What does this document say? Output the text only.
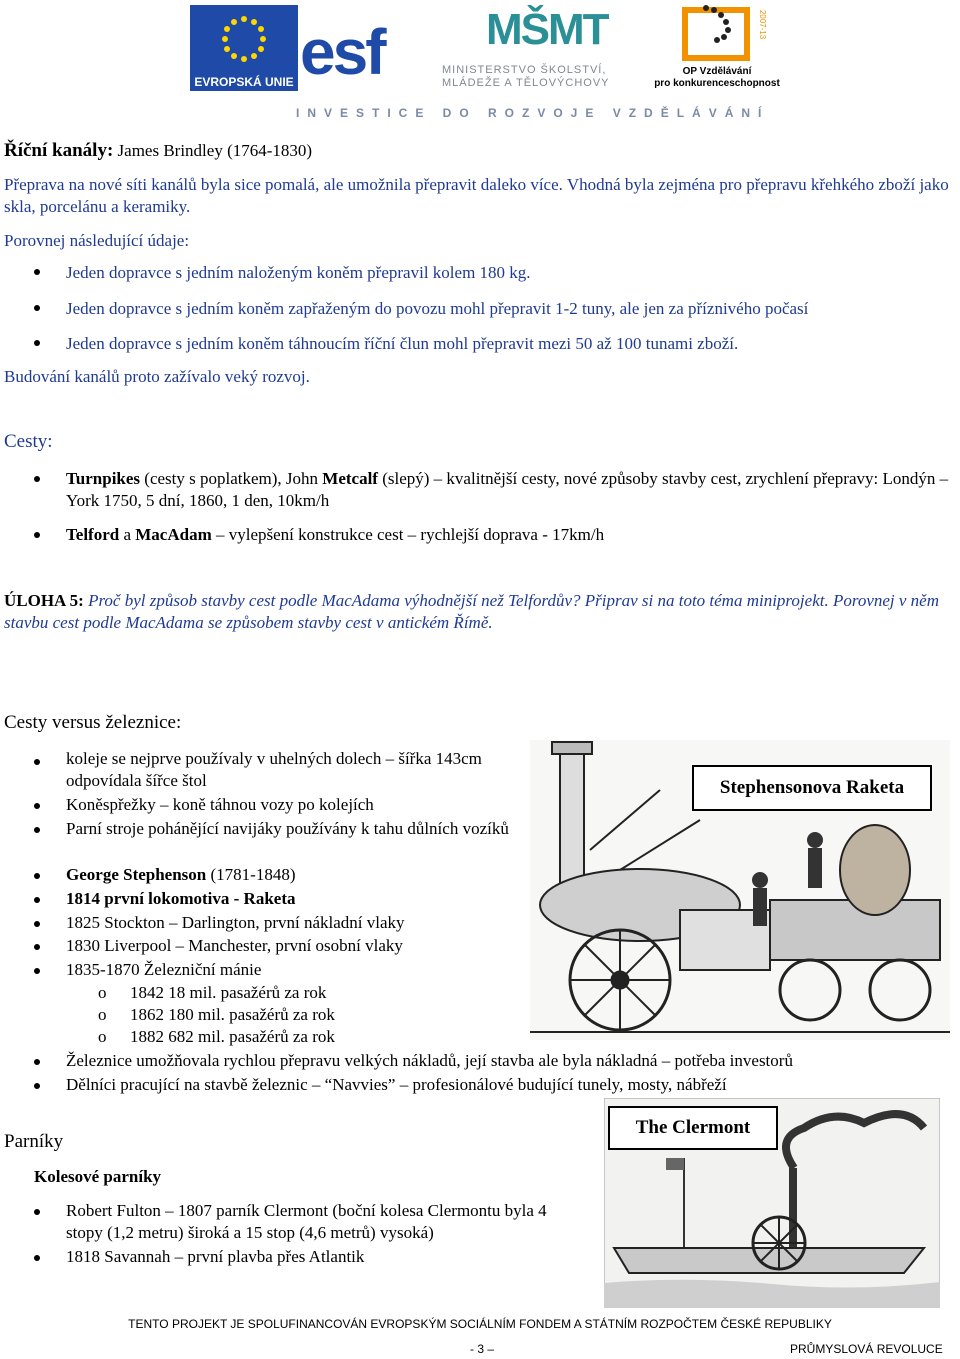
EVROPSKÁ UNIE esf	MŠMT
MINISTERSTVO ŠKOLSTVÍ,
MLÁDEŽE A TĚLOVÝCHOVY
2007-13
OP Vzdělávání
pro konkurenceschopnost
INVESTICE DO ROZVOJE VZDĚLÁVÁNÍ
Říční kanály: James Brindley (1764-1830)
Přeprava na nové síti kanálů byla sice pomalá, ale umožnila přepravit daleko více. Vhodná byla zejména pro přepravu křehkého zboží jako skla, porcelánu a keramiky.
Porovnej následující údaje:
Jeden dopravce s jedním naloženým koněm přepravil kolem 180 kg.
Jeden dopravce s jedním koněm zapřaženým do povozu mohl přepravit 1-2 tuny, ale jen za příznivého počasí
Jeden dopravce s jedním koněm táhnoucím říční člun mohl přepravit mezi 50 až 100 tunami zboží.
Budování kanálů proto zažívalo veký rozvoj.
Cesty:
Turnpikes (cesty s poplatkem), John Metcalf (slepý) – kvalitnější cesty, nové způsoby stavby cest, zrychlení přepravy: Londýn – York 1750, 5 dní, 1860, 1 den, 10km/h
Telford a MacAdam – vylepšení konstrukce cest – rychlejší doprava - 17km/h
ÚLOHA 5: Proč byl způsob stavby cest podle MacAdama výhodnější než Telfordův? Připrav si na toto téma miniprojekt. Porovnej v něm stavbu cest podle MacAdama se způsobem stavby cest v antickém Římě.
Cesty versus železnice:
Stephensonova Raketa
koleje se nejprve používaly v uhelných dolech – šířka 143cm odpovídala šířce štol
Koněspřežky – koně táhnou vozy po kolejích
Parní stroje pohánějící navijáky používány k tahu důlních vozíků
George Stephenson (1781-1848)
1814 první lokomotiva - Raketa
1825 Stockton – Darlington, první nákladní vlaky
1830 Liverpool – Manchester, první osobní vlaky
1835-1870 Železniční mánie
o 1842 18 mil. pasažérů za rok
o 1862 180 mil. pasažérů za rok
o 1882 682 mil. pasažérů za rok
Železnice umožňovala rychlou přepravu velkých nákladů, její stavba ale byla nákladná – potřeba investorů
Dělníci pracující na stavbě železnic – “Navvies” – profesionálové budující tunely, mosty, nábřeží
The Clermont
Parníky
Kolesové parníky
Robert Fulton – 1807 parník Clermont (boční kolesa Clermontu byla 4 stopy (1,2 metru) široká a 15 stop (4,6 metrů) vysoká)
1818 Savannah – první plavba přes Atlantik
TENTO PROJEKT JE SPOLUFINANCOVÁN EVROPSKÝM SOCIÁLNÍM FONDEM A STÁTNÍM ROZPOČTEM ČESKÉ REPUBLIKY
- 3 –	PRŮMYSLOVÁ REVOLUCE
